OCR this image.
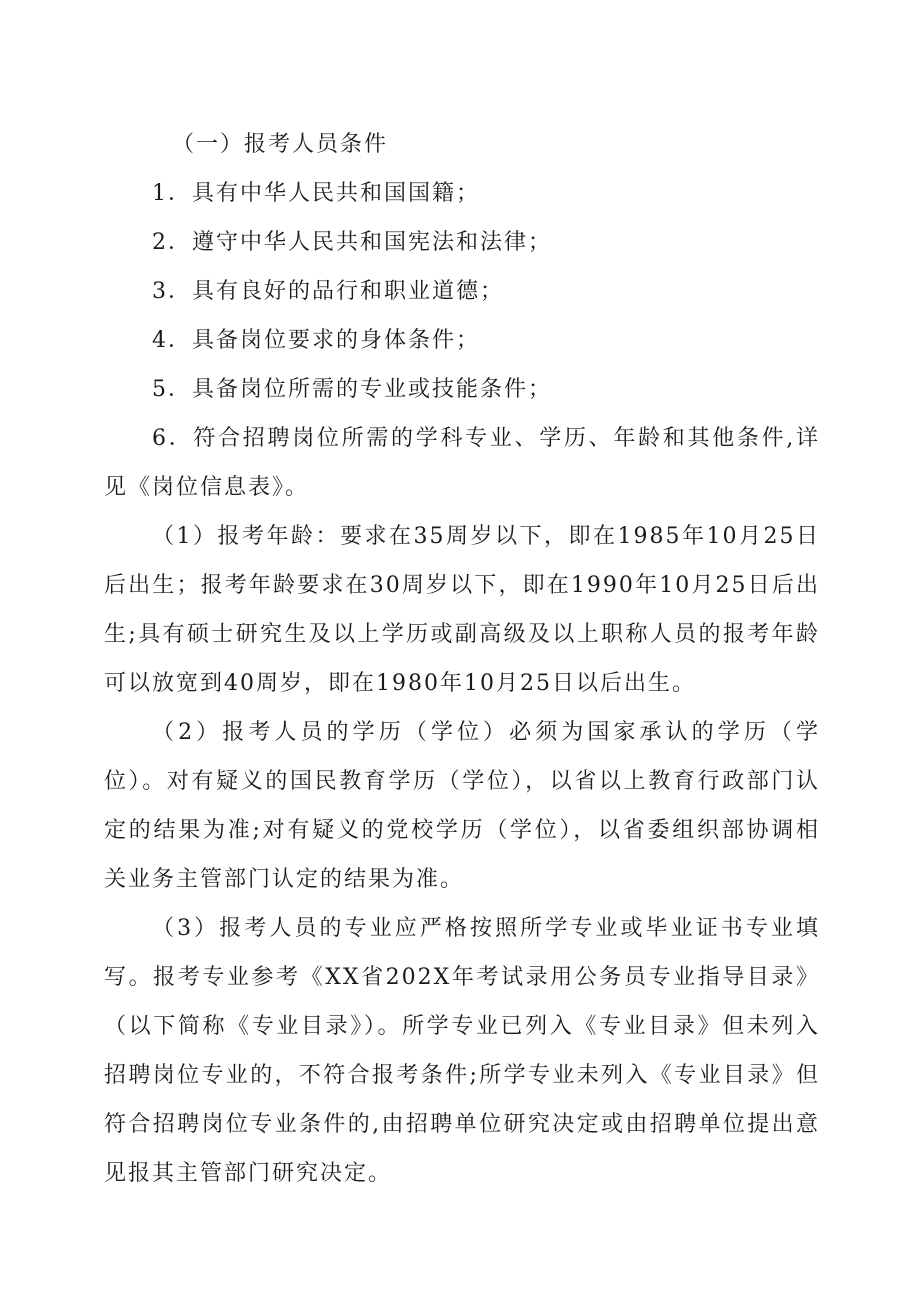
（一）报考人员条件

1．具有中华人民共和国国籍；

2．遵守中华人民共和国宪法和法律；

3．具有良好的品行和职业道德；

4．具备岗位要求的身体条件；

5．具备岗位所需的专业或技能条件；

6．符合招聘岗位所需的学科专业、学历、年龄和其他条件,详见《岗位信息表》。

（1）报考年龄：要求在35周岁以下，即在1985年10月25日后出生；报考年龄要求在30周岁以下，即在1990年10月25日后出生;具有硕士研究生及以上学历或副高级及以上职称人员的报考年龄可以放宽到40周岁，即在1980年10月25日以后出生。

（2）报考人员的学历（学位）必须为国家承认的学历（学位）。对有疑义的国民教育学历（学位），以省以上教育行政部门认定的结果为准;对有疑义的党校学历（学位），以省委组织部协调相关业务主管部门认定的结果为准。

（3）报考人员的专业应严格按照所学专业或毕业证书专业填写。报考专业参考《XX省202X年考试录用公务员专业指导目录》（以下简称《专业目录》）。所学专业已列入《专业目录》但未列入招聘岗位专业的，不符合报考条件;所学专业未列入《专业目录》但符合招聘岗位专业条件的,由招聘单位研究决定或由招聘单位提出意见报其主管部门研究决定。
